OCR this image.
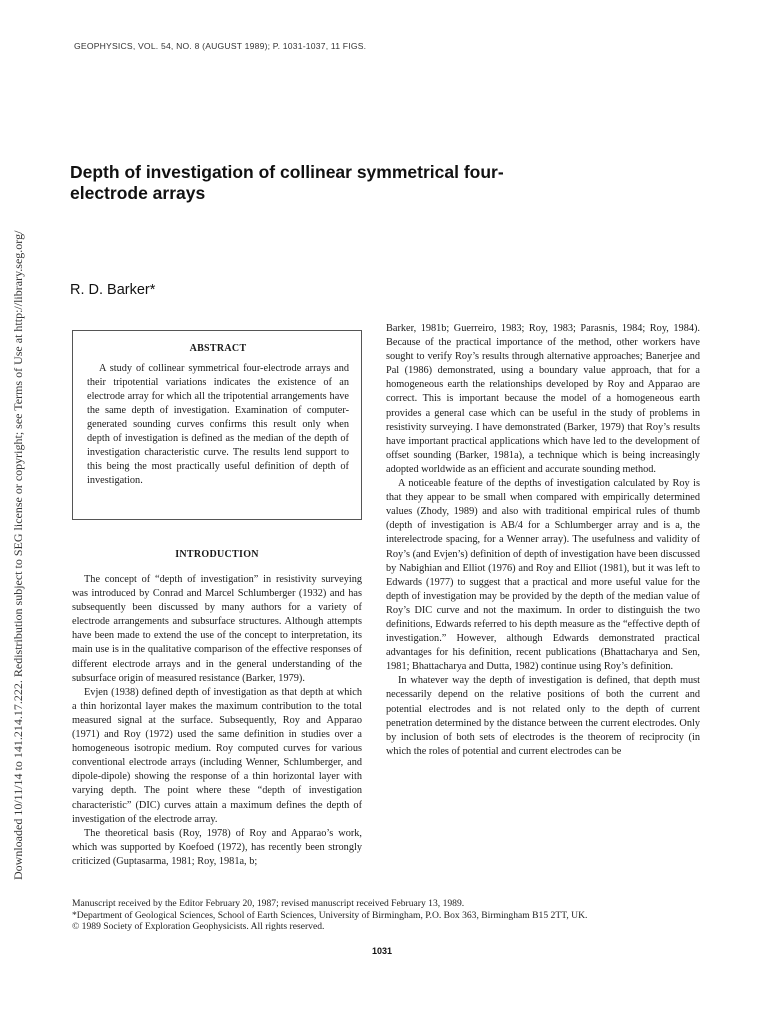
GEOPHYSICS, VOL. 54, NO. 8 (AUGUST 1989); P. 1031-1037, 11 FIGS.
Downloaded 10/11/14 to 141.214.17.222. Redistribution subject to SEG license or copyright; see Terms of Use at http://library.seg.org/
Depth of investigation of collinear symmetrical four-electrode arrays
R. D. Barker*
ABSTRACT

A study of collinear symmetrical four-electrode arrays and their tripotential variations indicates the existence of an electrode array for which all the tripotential arrangements have the same depth of investigation. Examination of computer-generated sounding curves confirms this result only when depth of investigation is defined as the median of the depth of investigation characteristic curve. The results lend support to this being the most practically useful definition of depth of investigation.

INTRODUCTION

The concept of “depth of investigation” in resistivity surveying was introduced by Conrad and Marcel Schlumberger (1932) and has subsequently been discussed by many authors for a variety of electrode arrangements and subsurface structures. Although attempts have been made to extend the use of the concept to interpretation, its main use is in the qualitative comparison of the effective responses of different electrode arrays and in the general understanding of the subsurface origin of measured resistance (Barker, 1979).

Evjen (1938) defined depth of investigation as that depth at which a thin horizontal layer makes the maximum contribution to the total measured signal at the surface. Subsequently, Roy and Apparao (1971) and Roy (1972) used the same definition in studies over a homogeneous isotropic medium. Roy computed curves for various conventional electrode arrays (including Wenner, Schlumberger, and dipole-dipole) showing the response of a thin horizontal layer with varying depth. The point where these “depth of investigation characteristic” (DIC) curves attain a maximum defines the depth of investigation of the electrode array.

The theoretical basis (Roy, 1978) of Roy and Apparao’s work, which was supported by Koefoed (1972), has recently been strongly criticized (Guptasarma, 1981; Roy, 1981a, b;

Barker, 1981b; Guerreiro, 1983; Roy, 1983; Parasnis, 1984; Roy, 1984). Because of the practical importance of the method, other workers have sought to verify Roy’s results through alternative approaches; Banerjee and Pal (1986) demonstrated, using a boundary value approach, that for a homogeneous earth the relationships developed by Roy and Apparao are correct. This is important because the model of a homogeneous earth provides a general case which can be useful in the study of problems in resistivity surveying. I have demonstrated (Barker, 1979) that Roy’s results have important practical applications which have led to the development of offset sounding (Barker, 1981a), a technique which is being increasingly adopted worldwide as an efficient and accurate sounding method.

A noticeable feature of the depths of investigation calculated by Roy is that they appear to be small when compared with empirically determined values (Zhody, 1989) and also with traditional empirical rules of thumb (depth of investigation is AB/4 for a Schlumberger array and is a, the interelectrode spacing, for a Wenner array). The usefulness and validity of Roy’s (and Evjen’s) definition of depth of investigation have been discussed by Nabighian and Elliot (1976) and Roy and Elliot (1981), but it was left to Edwards (1977) to suggest that a practical and more useful value for the depth of investigation may be provided by the depth of the median value of Roy’s DIC curve and not the maximum. In order to distinguish the two definitions, Edwards referred to his depth measure as the “effective depth of investigation.” However, although Edwards demonstrated practical advantages for his definition, recent publications (Bhattacharya and Sen, 1981; Bhattacharya and Dutta, 1982) continue using Roy’s definition.

In whatever way the depth of investigation is defined, that depth must necessarily depend on the relative positions of both the current and potential electrodes and is not related only to the depth of current penetration determined by the distance between the current electrodes. Only by inclusion of both sets of electrodes is the theorem of reciprocity (in which the roles of potential and current electrodes can be

Manuscript received by the Editor February 20, 1987; revised manuscript received February 13, 1989.
*Department of Geological Sciences, School of Earth Sciences, University of Birmingham, P.O. Box 363, Birmingham B15 2TT, UK.
© 1989 Society of Exploration Geophysicists. All rights reserved.
1031
